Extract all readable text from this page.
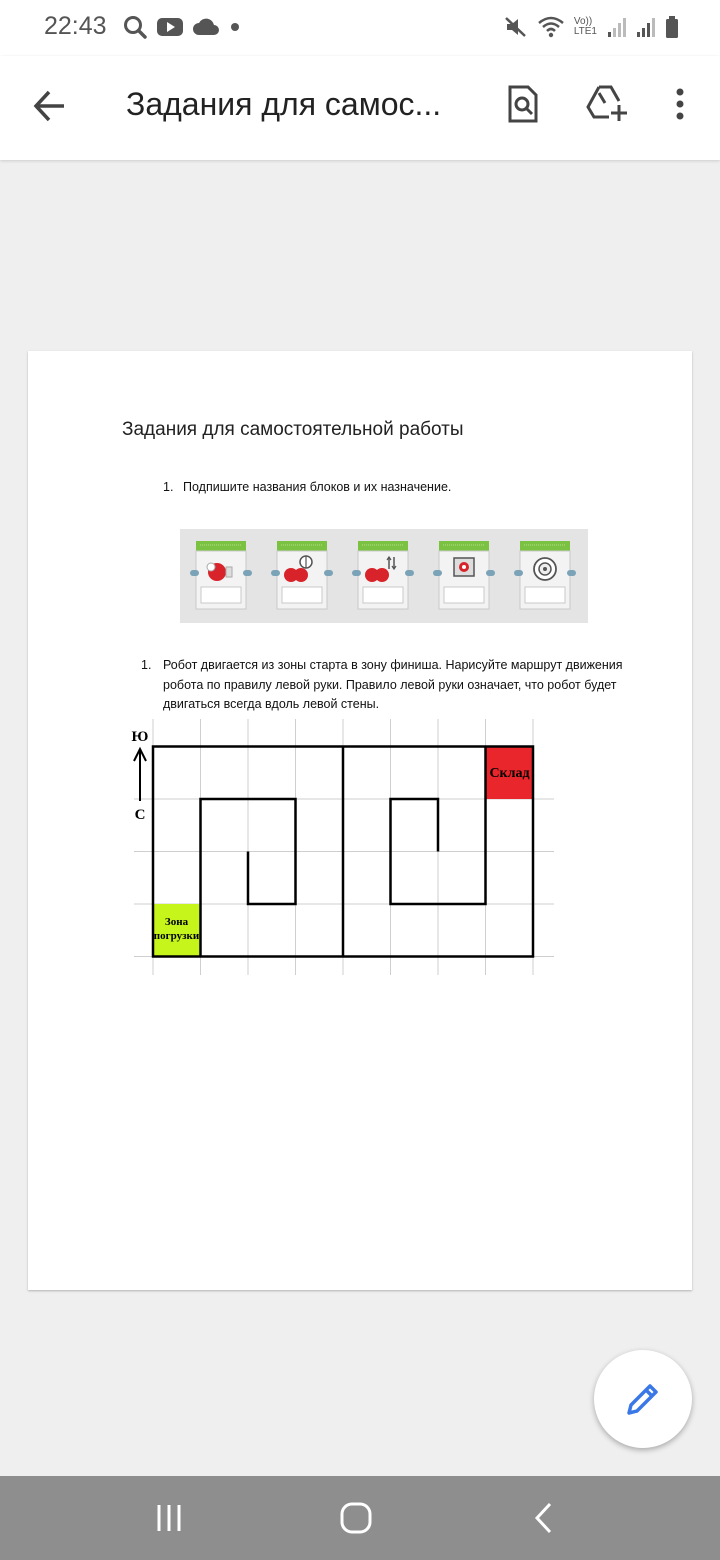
22:43	Vo))
LTE1
Задания для самос...
Задания для самостоятельной работы
1. Подпишите названия блоков и их назначение.
1. Робот двигается из зоны старта в зону финиша. Нарисуйте маршрут движения
робота по правилу левой руки. Правило левой руки означает, что робот будет
двигаться всегда вдоль левой стены.
Ю
С
Склад
Зона
погрузки
